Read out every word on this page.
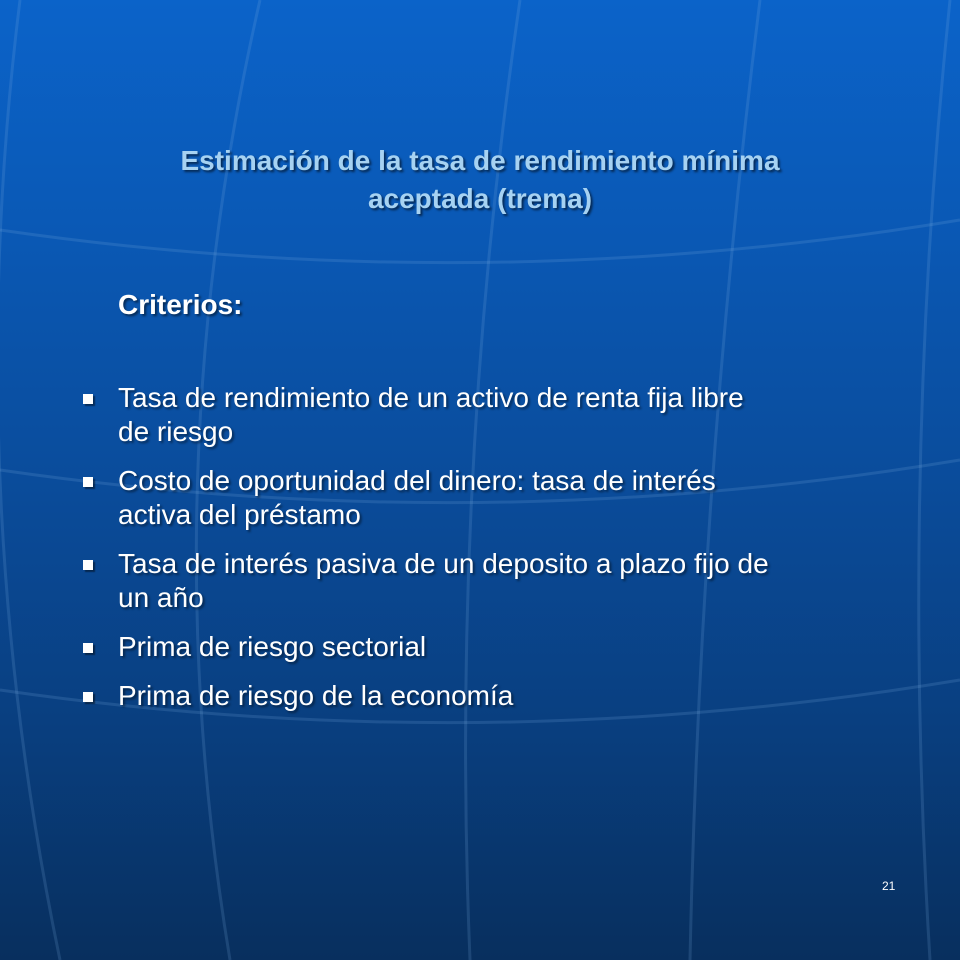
Estimación de la tasa de rendimiento mínima
aceptada (trema)
Criterios:
Tasa de rendimiento de un activo de renta fija libre
de riesgo
Costo de oportunidad del dinero: tasa de interés
activa del préstamo
Tasa de interés pasiva de un deposito a plazo fijo de
un año
Prima de riesgo sectorial
Prima de riesgo de la economía
21
